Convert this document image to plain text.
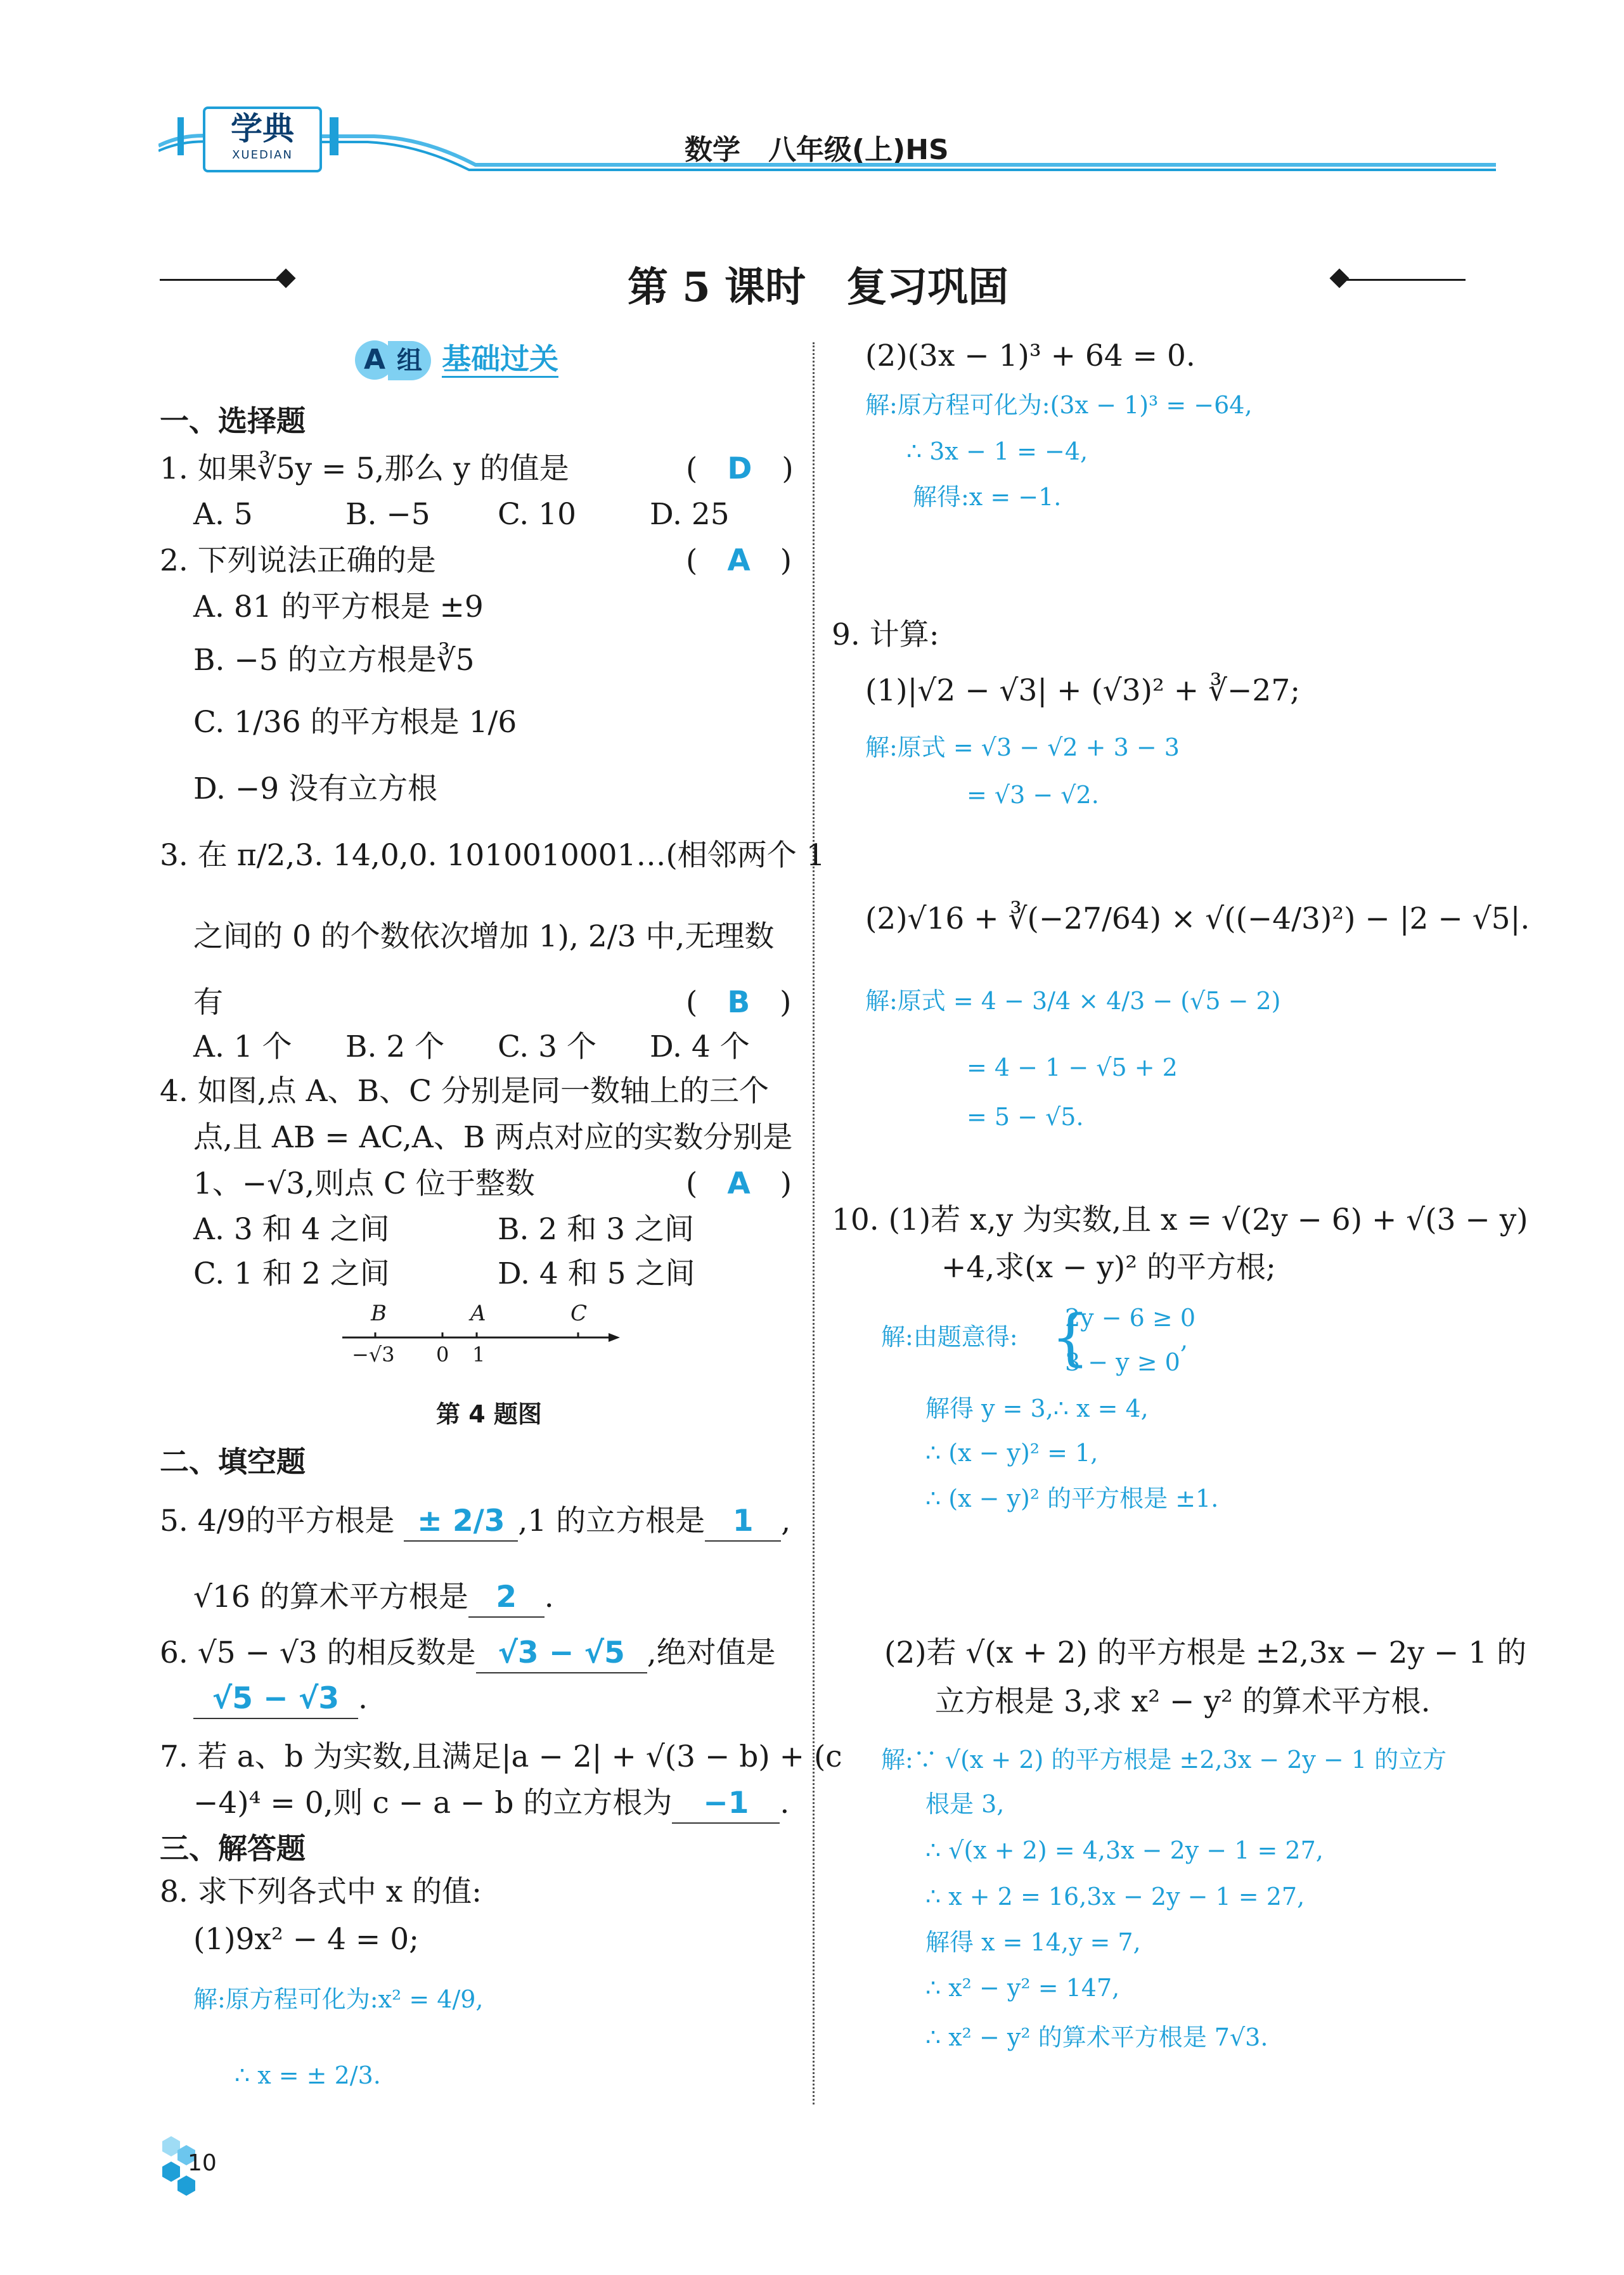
学典
XUEDIAN	数学　八年级(上)HS
第 5 课时　复习巩固
A 组 基础过关
一、选择题
1. 如果∛5y = 5,那么 y 的值是	(　D　)
A. 5	B. −5 C. 10 D. 25
2. 下列说法正确的是	(　A　)
A. 81 的平方根是 ±9
B. −5 的立方根是∛5
C. 1/36 的平方根是 1/6
D. −9 没有立方根
3. 在 π/2,3. 14,0,0. 1010010001…(相邻两个 1
之间的 0 的个数依次增加 1), 2/3 中,无理数
有	(　B　)
A. 1 个 B. 2 个 C. 3 个 D. 4 个
4. 如图,点 A、B、C 分别是同一数轴上的三个
点,且 AB = AC,A、B 两点对应的实数分别是
1、−√3,则点 C 位于整数	(　A　)
A. 3 和 4 之间	B. 2 和 3 之间
C. 1 和 2 之间	D. 4 和 5 之间
B	A	C
−√3 0 1
第 4 题图
二、填空题
5. 4/9的平方根是 ± 2/3 ,1 的立方根是 1 ,
√16 的算术平方根是 2 .
6. √5 − √3 的相反数是 √3 − √5 ,绝对值是
√5 − √3 .
7. 若 a、b 为实数,且满足|a − 2| + √(3 − b) + (c
−4)⁴ = 0,则 c − a − b 的立方根为 −1 .
三、解答题
8. 求下列各式中 x 的值:
(1)9x² − 4 = 0;
解:原方程可化为:x² = 4/9,
∴ x = ± 2/3.
(2)(3x − 1)³ + 64 = 0.
解:原方程可化为:(3x − 1)³ = −64,
∴ 3x − 1 = −4,
解得:x = −1.
9. 计算:
(1)|√2 − √3| + (√3)² + ∛−27;
解:原式 = √3 − √2 + 3 − 3
= √3 − √2.
(2)√16 + ∛(−27/64) × √((−4/3)²) − |2 − √5|.
解:原式 = 4 − 3/4 × 4/3 − (√5 − 2)
= 4 − 1 − √5 + 2
= 5 − √5.
10. (1)若 x,y 为实数,且 x = √(2y − 6) + √(3 − y)
+4,求(x − y)² 的平方根;
解:由题意得: {
2y − 6 ≥ 0
3 − y ≥ 0
,
解得 y = 3,∴ x = 4,
∴ (x − y)² = 1,
∴ (x − y)² 的平方根是 ±1.
(2)若 √(x + 2) 的平方根是 ±2,3x − 2y − 1 的
立方根是 3,求 x² − y² 的算术平方根.
解:∵ √(x + 2) 的平方根是 ±2,3x − 2y − 1 的立方
根是 3,
∴ √(x + 2) = 4,3x − 2y − 1 = 27,
∴ x + 2 = 16,3x − 2y − 1 = 27,
解得 x = 14,y = 7,
∴ x² − y² = 147,
∴ x² − y² 的算术平方根是 7√3.
10
